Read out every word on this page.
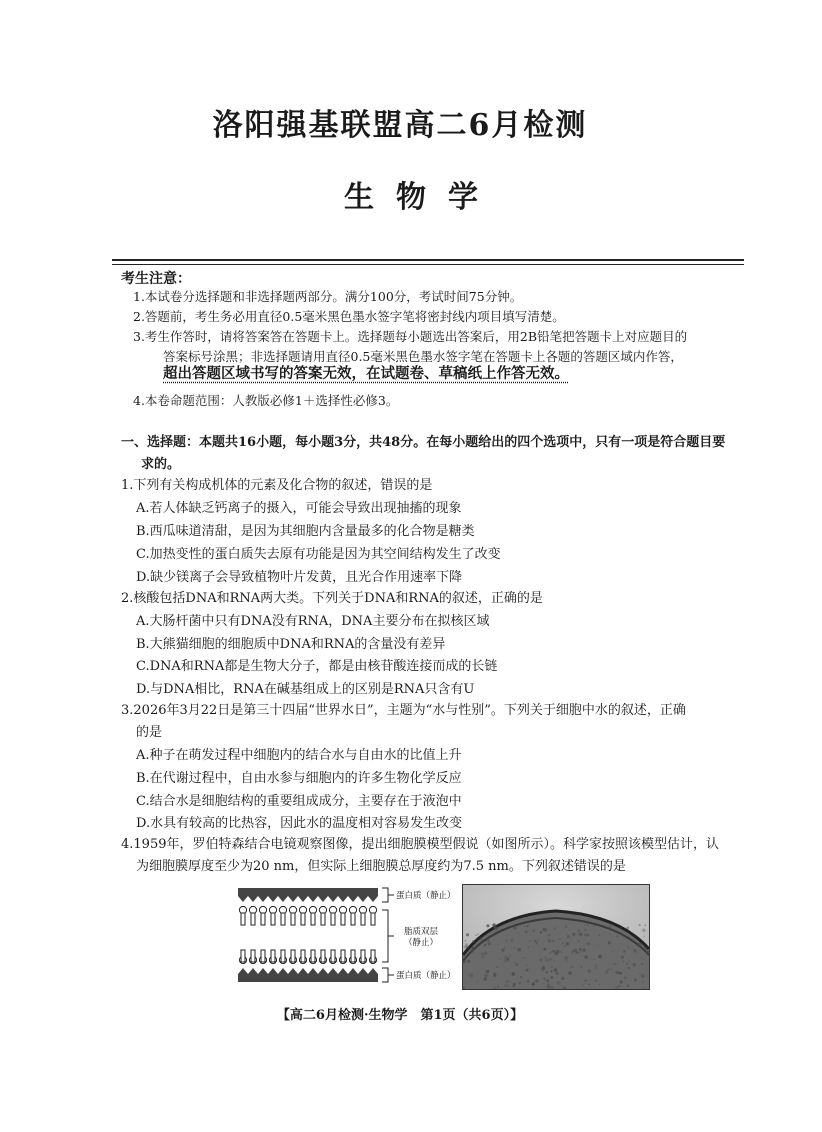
洛阳强基联盟高二6月检测
生物学
考生注意：
1.本试卷分选择题和非选择题两部分。满分100分，考试时间75分钟。
2.答题前，考生务必用直径0.5毫米黑色墨水签字笔将密封线内项目填写清楚。
3.考生作答时，请将答案答在答题卡上。选择题每小题选出答案后，用2B铅笔把答题卡上对应题目的
答案标号涂黑；非选择题请用直径0.5毫米黑色墨水签字笔在答题卡上各题的答题区域内作答，
超出答题区域书写的答案无效，在试题卷、草稿纸上作答无效。
4.本卷命题范围：人教版必修1＋选择性必修3。
一、选择题：本题共16小题，每小题3分，共48分。在每小题给出的四个选项中，只有一项是符合题目要
求的。
1.下列有关构成机体的元素及化合物的叙述，错误的是
A.若人体缺乏钙离子的摄入，可能会导致出现抽搐的现象
B.西瓜味道清甜，是因为其细胞内含量最多的化合物是糖类
C.加热变性的蛋白质失去原有功能是因为其空间结构发生了改变
D.缺少镁离子会导致植物叶片发黄，且光合作用速率下降
2.核酸包括DNA和RNA两大类。下列关于DNA和RNA的叙述，正确的是
A.大肠杆菌中只有DNA没有RNA，DNA主要分布在拟核区域
B.大熊猫细胞的细胞质中DNA和RNA的含量没有差异
C.DNA和RNA都是生物大分子，都是由核苷酸连接而成的长链
D.与DNA相比，RNA在碱基组成上的区别是RNA只含有U
3.2026年3月22日是第三十四届“世界水日”，主题为“水与性别”。下列关于细胞中水的叙述，正确
的是
A.种子在萌发过程中细胞内的结合水与自由水的比值上升
B.在代谢过程中，自由水参与细胞内的许多生物化学反应
C.结合水是细胞结构的重要组成成分，主要存在于液泡中
D.水具有较高的比热容，因此水的温度相对容易发生改变
4.1959年，罗伯特森结合电镜观察图像，提出细胞膜模型假说（如图所示）。科学家按照该模型估计，认
为细胞膜厚度至少为20 nm，但实际上细胞膜总厚度约为7.5 nm。下列叙述错误的是
蛋白质（静止）
脂质双层
（静止）
蛋白质（静止）
【高二6月检测·生物学　第1页（共6页）】
